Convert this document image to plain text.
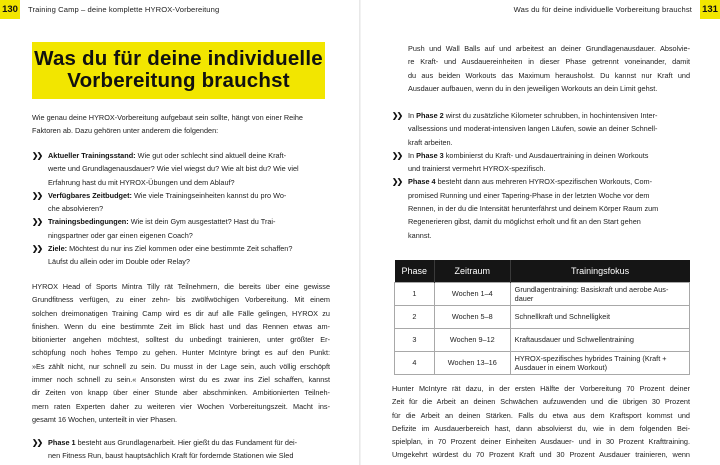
130 Training Camp – deine komplette HYROX-Vorbereitung
Was du für deine individuelle
Vorbereitung brauchst
Wie genau deine HYROX-Vorbereitung aufgebaut sein sollte, hängt von einer Reihe
Faktoren ab. Dazu gehören unter anderem die folgenden:
❯❯ Aktueller Trainingsstand: Wie gut oder schlecht sind aktuell deine Kraft-
werte und Grundlagenausdauer? Wie viel wiegst du? Wie alt bist du? Wie viel
Erfahrung hast du mit HYROX-Übungen und dem Ablauf?
❯❯ Verfügbares Zeitbudget: Wie viele Trainingseinheiten kannst du pro Wo-
che absolvieren?
❯❯ Trainingsbedingungen: Wie ist dein Gym ausgestattet? Hast du Trai-
ningspartner oder gar einen eigenen Coach?
❯❯ Ziele: Möchtest du nur ins Ziel kommen oder eine bestimmte Zeit schaffen?
Läufst du allein oder im Double oder Relay?
HYROX Head of Sports Mintra Tilly rät Teilnehmern, die bereits über eine gewisse
Grundfitness verfügen, zu einer zehn- bis zwölfwöchigen Vorbereitung. Mit einem
solchen dreimonatigen Training Camp wird es dir auf alle Fälle gelingen, HYROX zu
finishen. Wenn du eine bestimmte Zeit im Blick hast und das Rennen etwas am-
bitionierter angehen möchtest, solltest du unbedingt trainieren, unter größter Er-
schöpfung noch hohes Tempo zu gehen. Hunter McIntyre bringt es auf den Punkt:
»Es zählt nicht, nur schnell zu sein. Du musst in der Lage sein, auch völlig erschöpft
immer noch schnell zu sein.« Ansonsten wirst du es zwar ins Ziel schaffen, kannst
dir Zeiten von knapp über einer Stunde aber abschminken. Ambitionierten Teilneh-
mern raten Experten daher zu weiteren vier Wochen Vorbereitungszeit. Macht ins-
gesamt 16 Wochen, unterteilt in vier Phasen.
❯❯ Phase 1 besteht aus Grundlagenarbeit. Hier gießt du das Fundament für dei-
nen Fitness Run, baust hauptsächlich Kraft für fordernde Stationen wie Sled
131
Was du für deine individuelle Vorbereitung brauchst
Push und Wall Balls auf und arbeitest an deiner Grundlagenausdauer. Absolvie-
re Kraft- und Ausdauereinheiten in dieser Phase getrennt voneinander, damit
du aus beiden Workouts das Maximum herausholst. Du kannst nur Kraft und
Ausdauer aufbauen, wenn du in den jeweiligen Workouts an dein Limit gehst.
❯❯ In Phase 2 wirst du zusätzliche Kilometer schrubben, in hochintensiven Inter-
vallsessions und moderat-intensiven langen Läufen, sowie an deiner Schnell-
kraft arbeiten.
❯❯ In Phase 3 kombinierst du Kraft- und Ausdauertraining in deinen Workouts
und trainierst vermehrt HYROX-spezifisch.
❯❯ Phase 4 besteht dann aus mehreren HYROX-spezifischen Workouts, Com-
promised Running und einer Tapering-Phase in der letzten Woche vor dem
Rennen, in der du die Intensität herunterfährst und deinem Körper Raum zum
Regenerieren gibst, damit du möglichst erholt und fit an den Start gehen
kannst.
Phase	Zeitraum	Trainingsfokus
1	Wochen 1–4	Grundlagentraining: Basiskraft und aerobe Aus-
dauer

2	Wochen 5–8	Schnellkraft und Schnelligkeit

3	Wochen 9–12	Kraftausdauer und Schwellentraining

4	Wochen 13–16	HYROX-spezifisches hybrides Training (Kraft +
Ausdauer in einem Workout)
Hunter McIntyre rät dazu, in der ersten Hälfte der Vorbereitung 70 Prozent deiner
Zeit für die Arbeit an deinen Schwächen aufzuwenden und die übrigen 30 Prozent
für die Arbeit an deinen Stärken. Falls du etwa aus dem Kraftsport kommst und
Defizite im Ausdauerbereich hast, dann absolvierst du, wie in dem folgenden Bei-
spielplan, in 70 Prozent deiner Einheiten Ausdauer- und in 30 Prozent Krafttraining.
Umgekehrt würdest du 70 Prozent Kraft und 30 Prozent Ausdauer trainieren, wenn
